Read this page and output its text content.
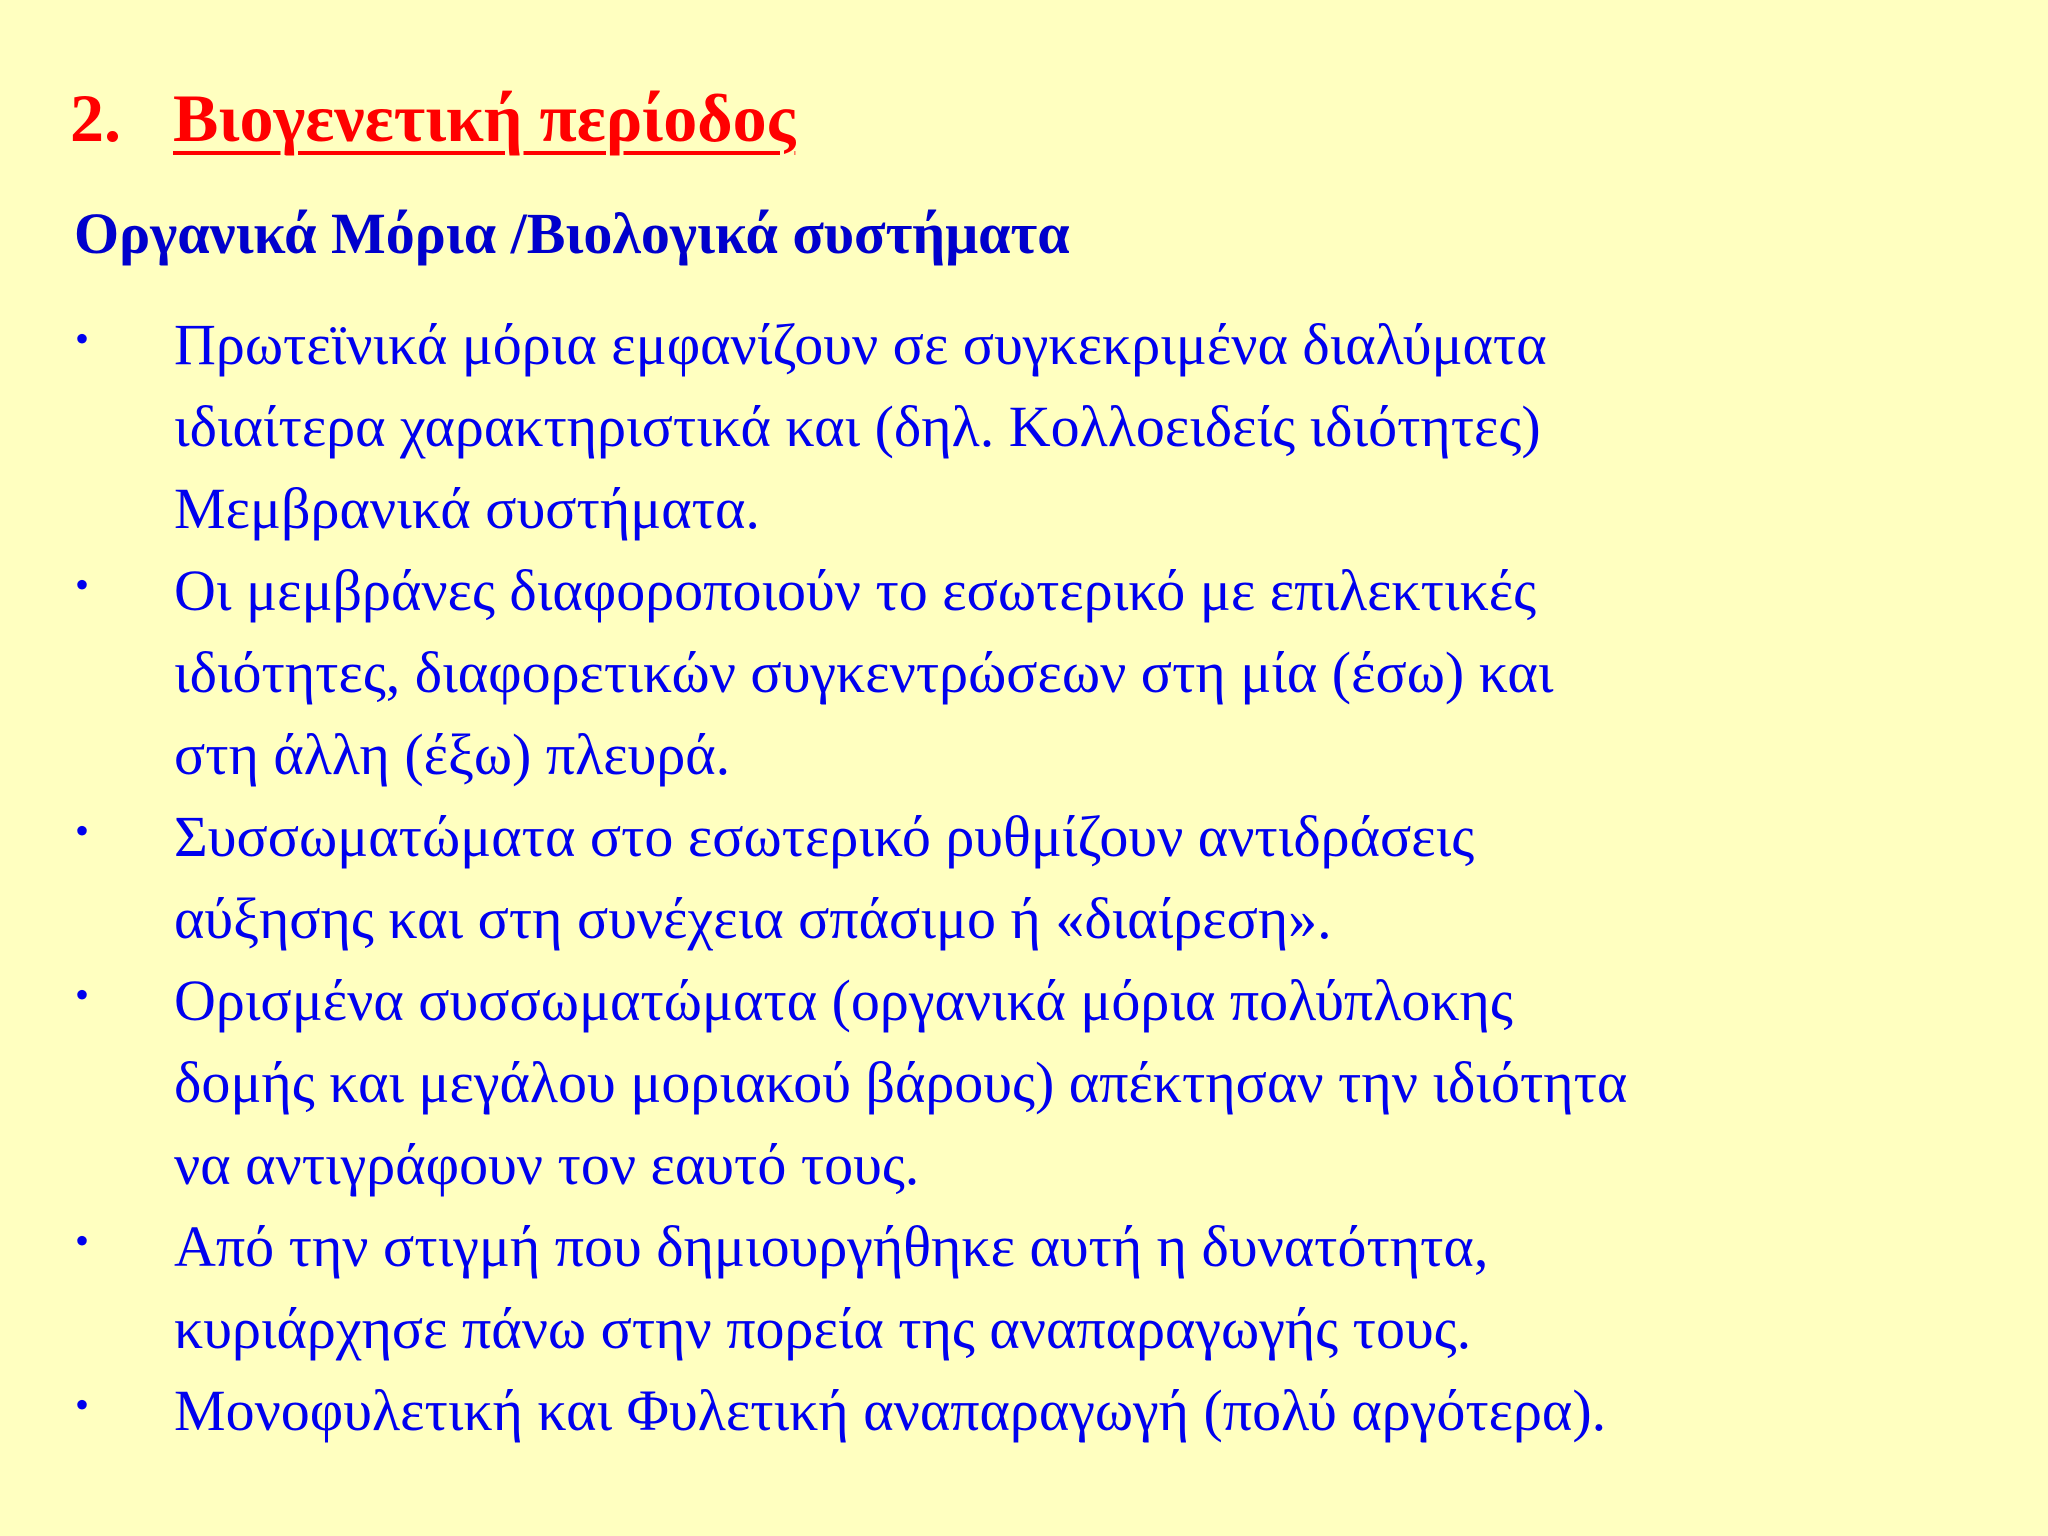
2. Βιογενετική περίοδος
Οργανικά Μόρια /Βιολογικά συστήματα
• Πρωτεϊνικά μόρια εμφανίζουν σε συγκεκριμένα διαλύματα
ιδιαίτερα χαρακτηριστικά και (δηλ. Κολλοειδείς ιδιότητες)
Μεμβρανικά συστήματα.
• Οι μεμβράνες διαφοροποιούν το εσωτερικό με επιλεκτικές
ιδιότητες, διαφορετικών συγκεντρώσεων στη μία (έσω) και
στη άλλη (έξω) πλευρά.
• Συσσωματώματα στο εσωτερικό ρυθμίζουν αντιδράσεις
αύξησης και στη συνέχεια σπάσιμο ή «διαίρεση».
• Ορισμένα συσσωματώματα (οργανικά μόρια πολύπλοκης
δομής και μεγάλου μοριακού βάρους) απέκτησαν την ιδιότητα
να αντιγράφουν τον εαυτό τους.
• Από την στιγμή που δημιουργήθηκε αυτή η δυνατότητα,
κυριάρχησε πάνω στην πορεία της αναπαραγωγής τους.
• Μονοφυλετική και Φυλετική αναπαραγωγή (πολύ αργότερα).
